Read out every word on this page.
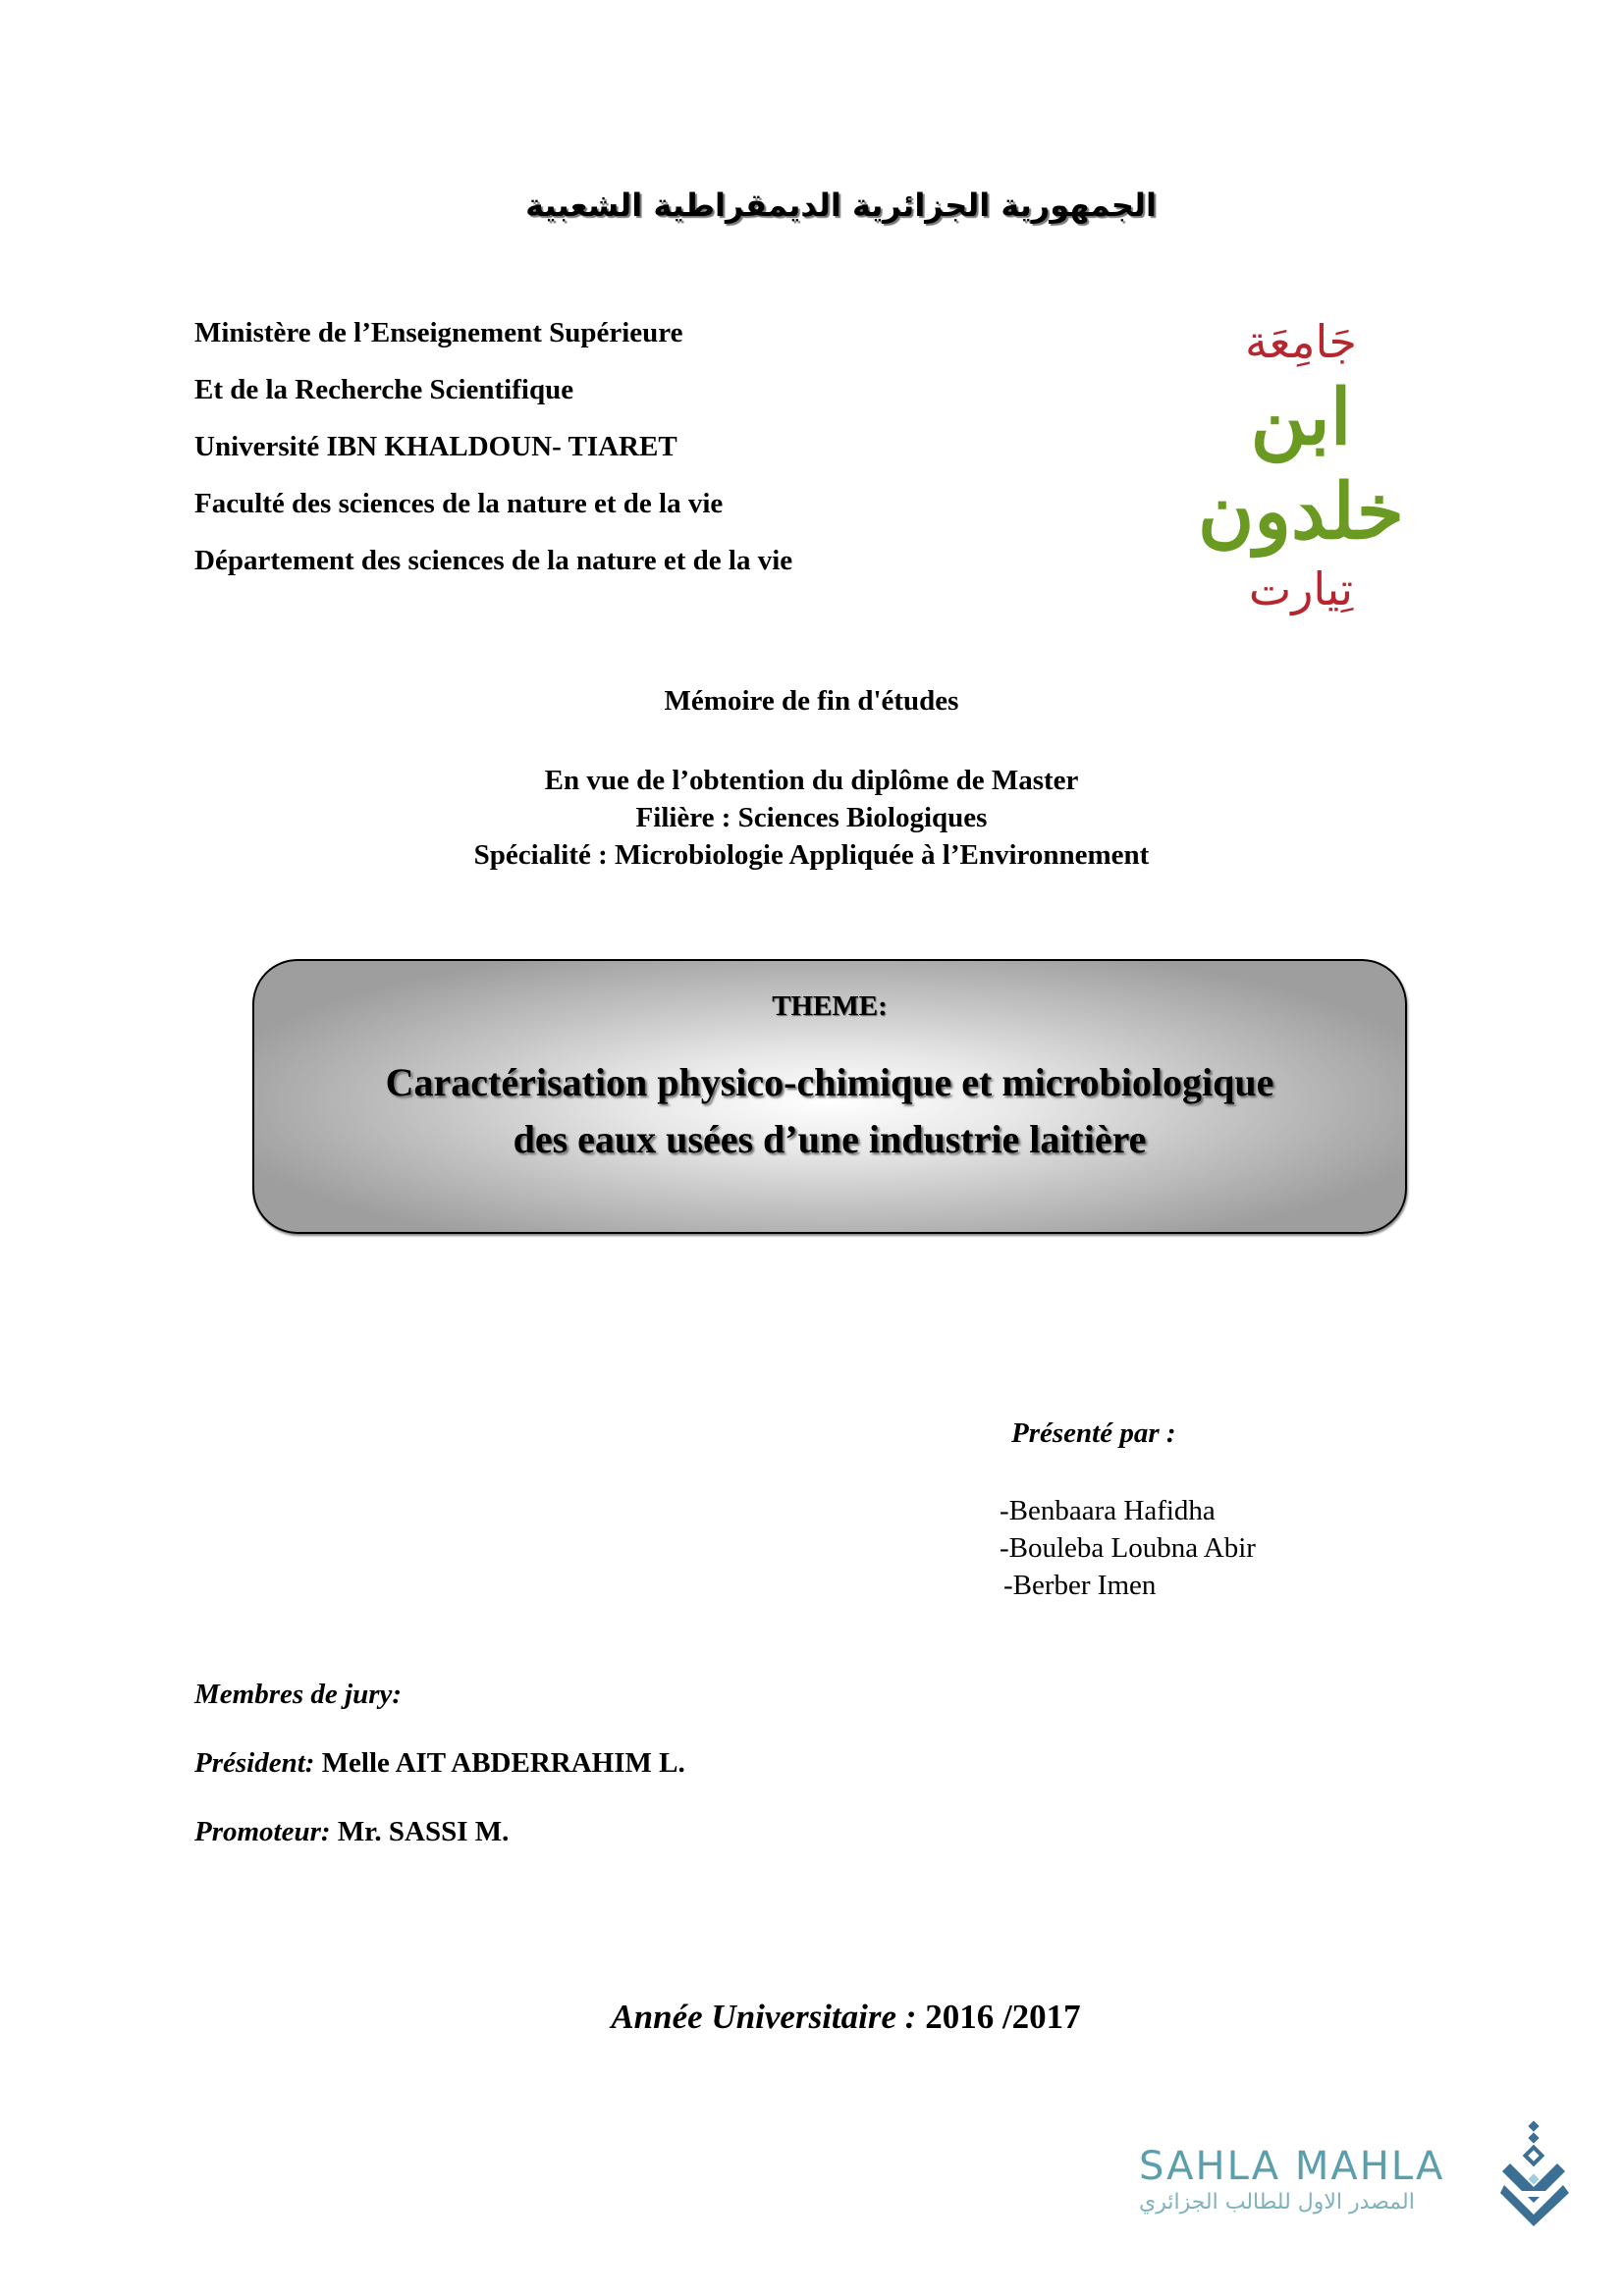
الجمهورية الجزائرية الديمقراطية الشعبية
Ministère de l’Enseignement Supérieure
Et de la Recherche Scientifique
Université IBN KHALDOUN- TIARET
Faculté des sciences de la nature et de la vie
Département des sciences de la nature et de la vie
جَامِعَة
ابن خلدون
تِيارت
Mémoire de fin d'études
En vue de l’obtention du diplôme de Master
Filière : Sciences Biologiques
Spécialité : Microbiologie Appliquée à l’Environnement
THEME:
Caractérisation physico-chimique et microbiologique
des eaux usées d’une industrie laitière
Présenté par :
-Benbaara Hafidha
-Bouleba Loubna Abir
-Berber Imen
Membres de jury:
Président: Melle AIT ABDERRAHIM L.
Promoteur: Mr. SASSI M.
Année Universitaire : 2016 /2017
SAHLA MAHLA
المصدر الاول للطالب الجزائري
